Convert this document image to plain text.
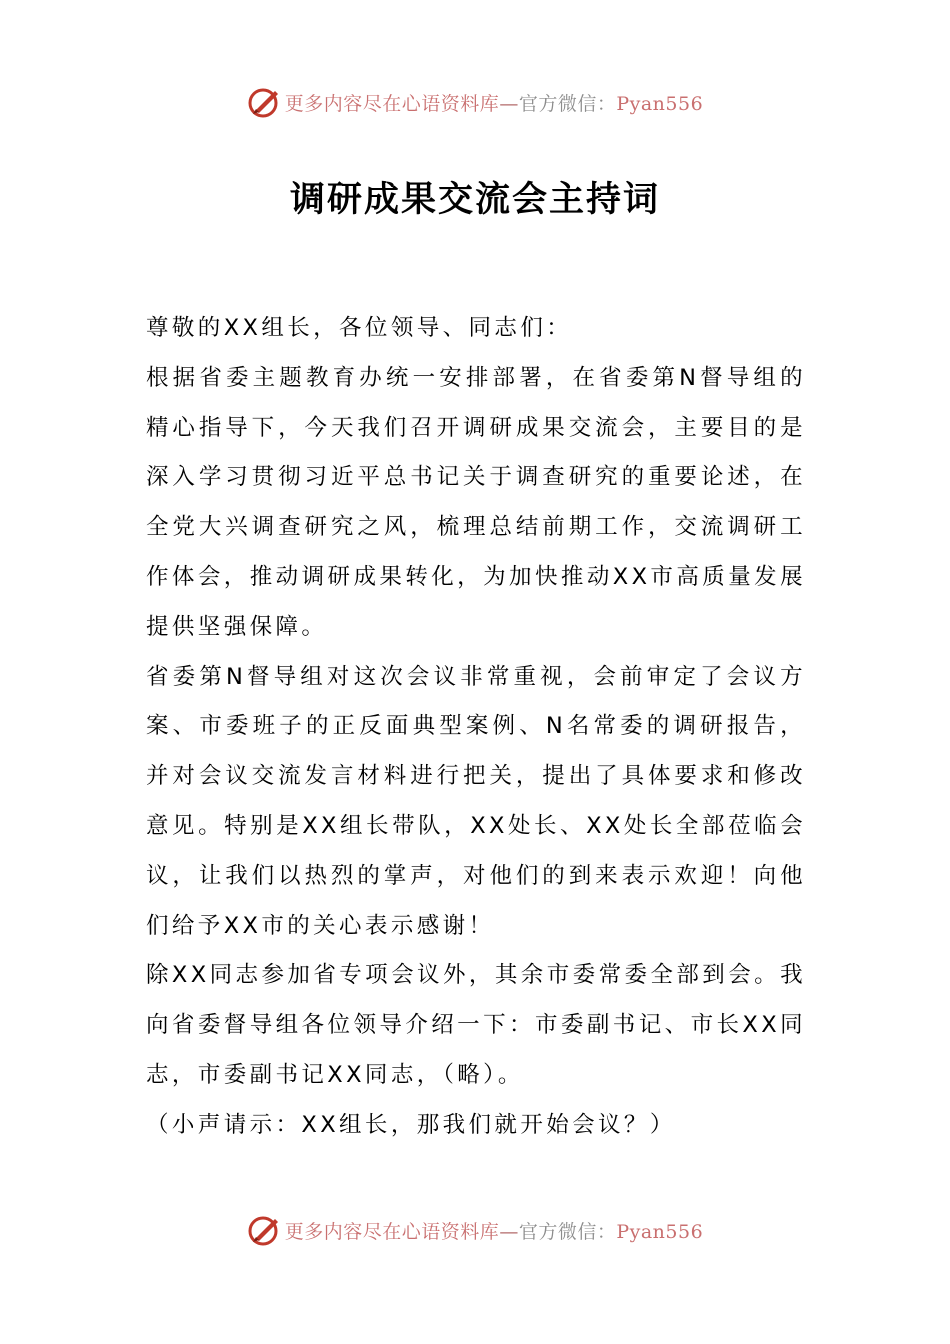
更多内容尽在心语资料库—官方微信：Pyan556
调研成果交流会主持词

尊敬的XX组长，各位领导、同志们：

根据省委主题教育办统一安排部署，在省委第N督导组的精心指导下，今天我们召开调研成果交流会，主要目的是深入学习贯彻习近平总书记关于调查研究的重要论述，在全党大兴调查研究之风，梳理总结前期工作，交流调研工作体会，推动调研成果转化，为加快推动XX市高质量发展提供坚强保障。

省委第N督导组对这次会议非常重视，会前审定了会议方案、市委班子的正反面典型案例、N名常委的调研报告，并对会议交流发言材料进行把关，提出了具体要求和修改意见。特别是XX组长带队，XX处长、XX处长全部莅临会议，让我们以热烈的掌声，对他们的到来表示欢迎！向他们给予XX市的关心表示感谢！

除XX同志参加省专项会议外，其余市委常委全部到会。我向省委督导组各位领导介绍一下：市委副书记、市长XX同志，市委副书记XX同志，（略）。

（小声请示：XX组长，那我们就开始会议？）

更多内容尽在心语资料库—官方微信：Pyan556
